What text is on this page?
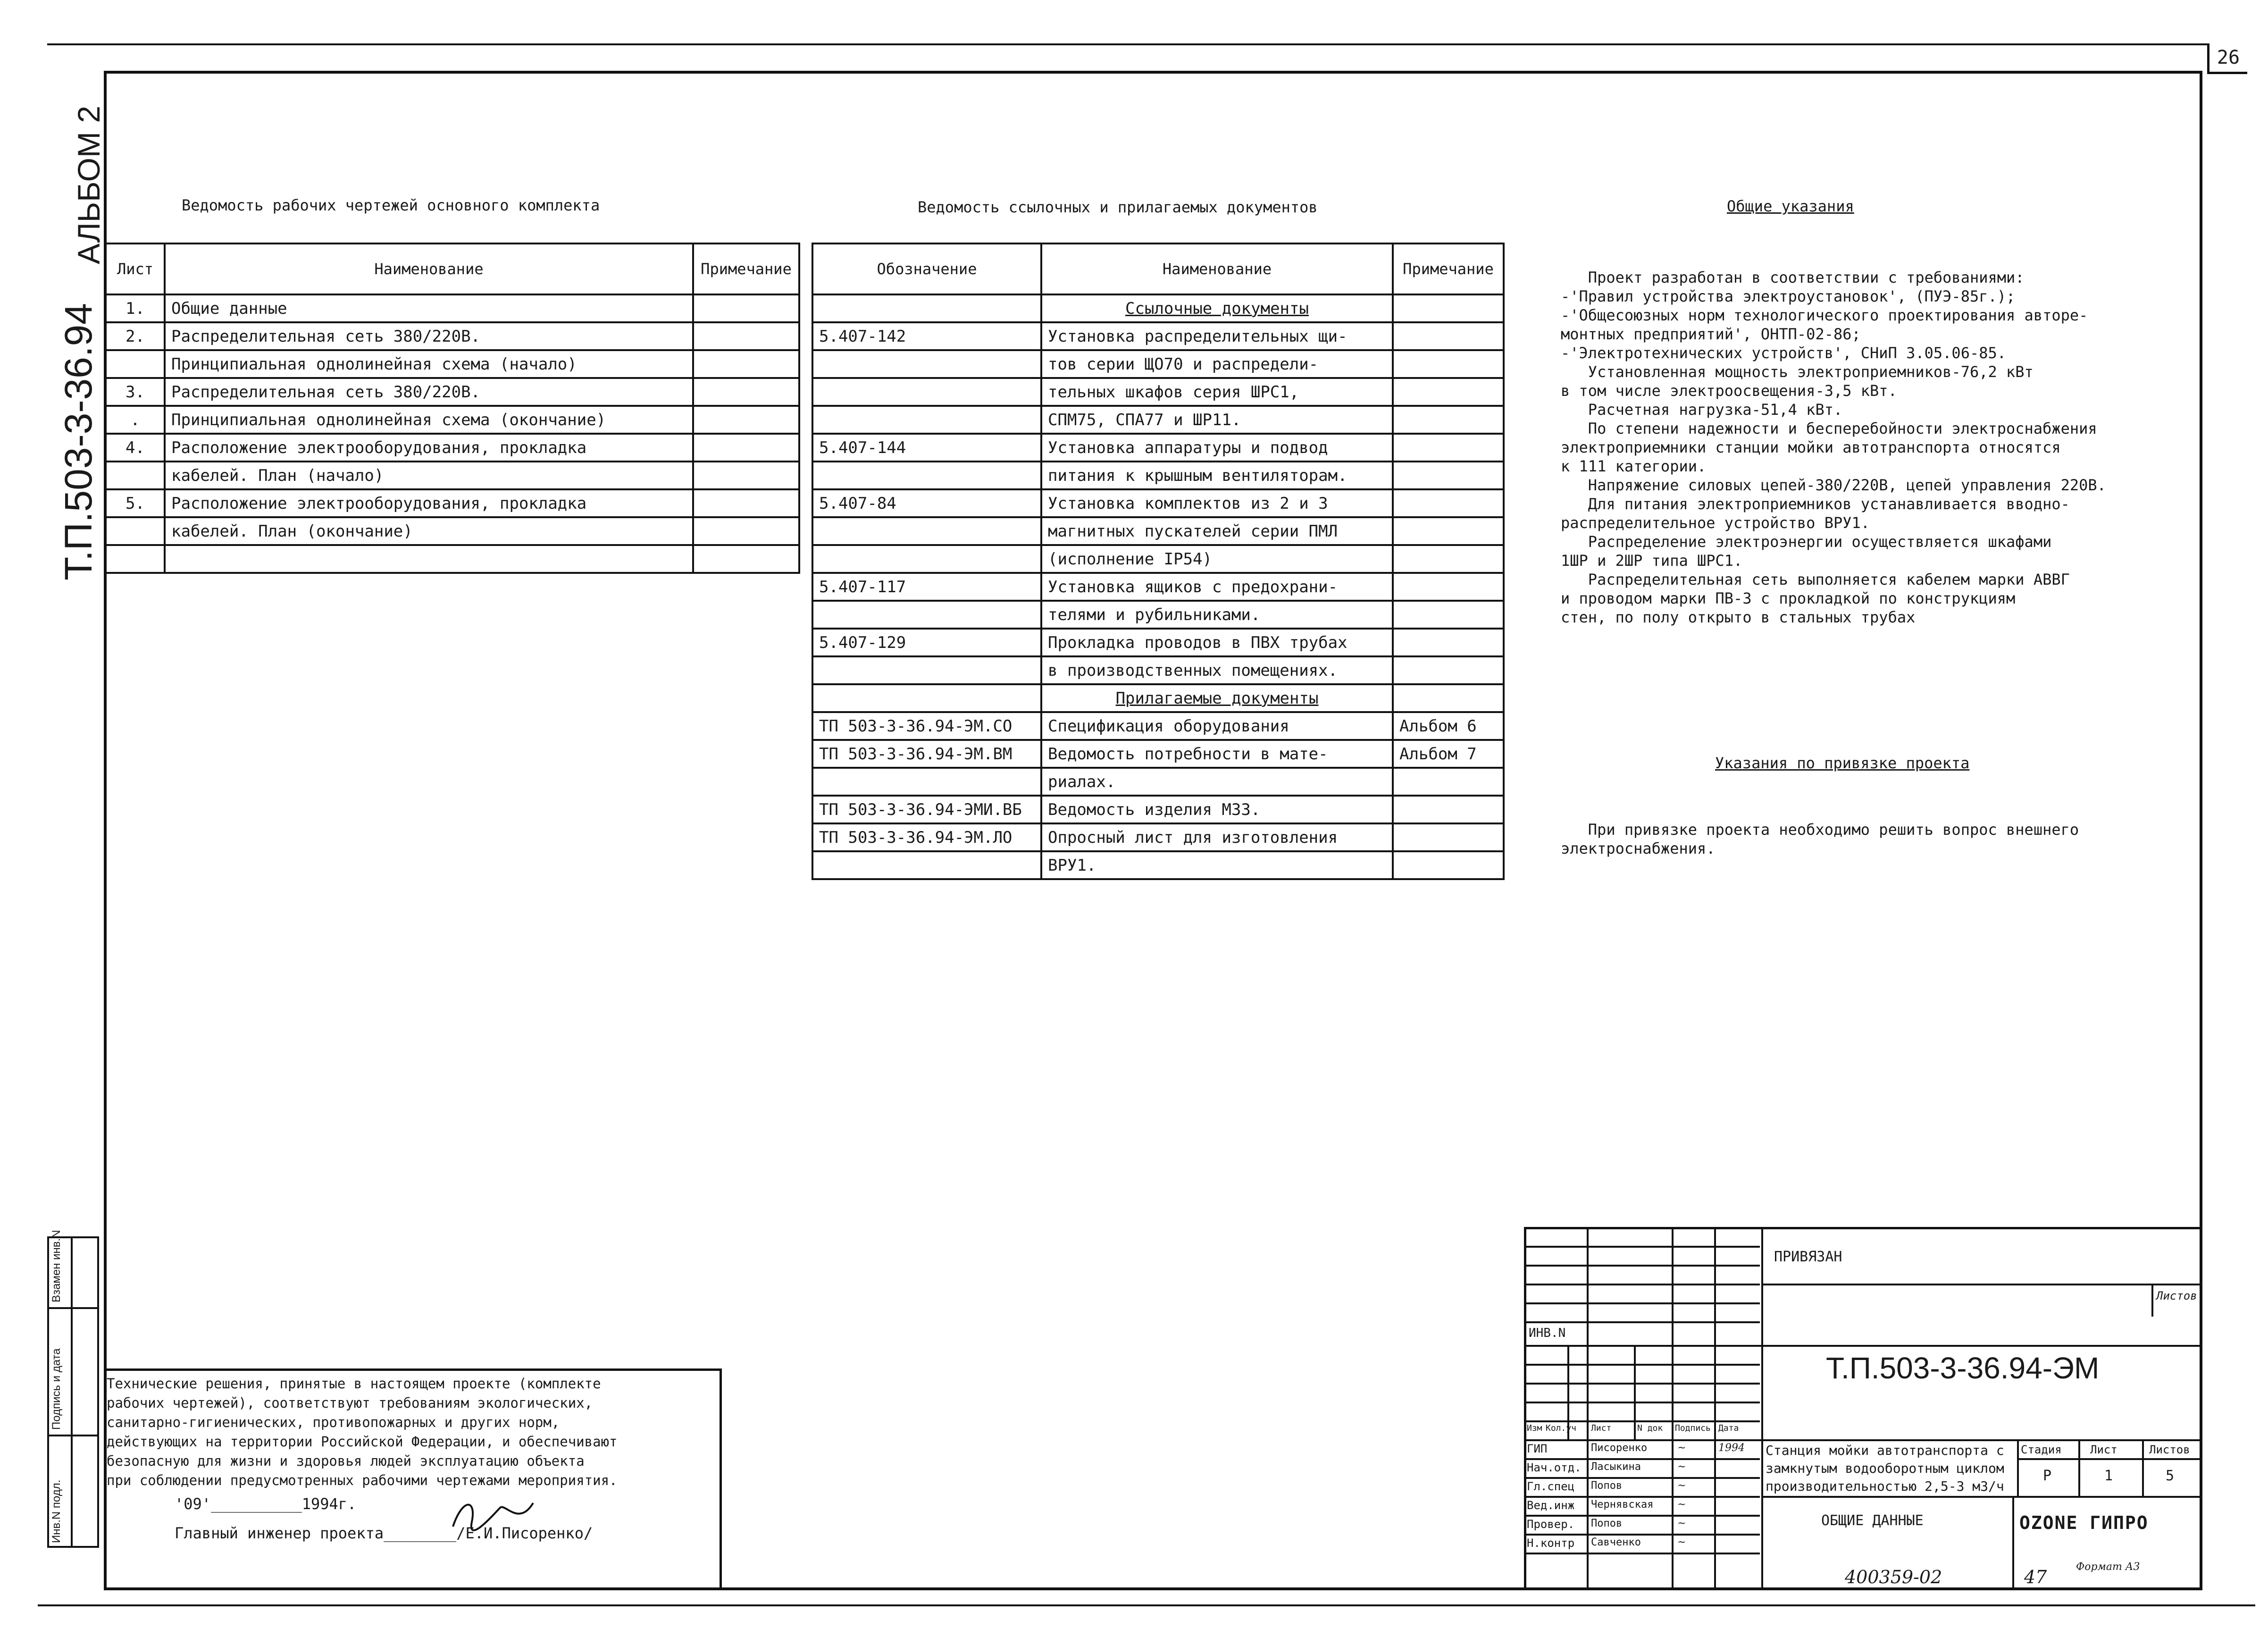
26
АЛЬБОМ 2
Т.П.503-3-36.94
Ведомость рабочих чертежей основного комплекта
Лист	Наименование	Примечание
1.	Общие данные	
2.	Распределительная сеть 380/220В.	
	Принципиальная однолинейная схема (начало)	
3.	Распределительная сеть 380/220В.	
.	Принципиальная однолинейная схема (окончание)	
4.	Расположение электрооборудования, прокладка	
	кабелей. План (начало)	
5.	Расположение электрооборудования, прокладка	
	кабелей. План (окончание)	

Ведомость ссылочных и прилагаемых документов
Обозначение	Наименование	Примечание
	Ссылочные документы	
5.407-142	Установка распределительных щи-	
	тов серии ЩО70 и распредели-	
	тельных шкафов серия ШРС1,	
	СПМ75, СПА77 и ШР11.	
5.407-144	Установка аппаратуры и подвод	
	питания к крышным вентиляторам.	
5.407-84	Установка комплектов из 2 и 3	
	магнитных пускателей серии ПМЛ	
	(исполнение IP54)	
5.407-117	Установка ящиков с предохрани-	
	телями и рубильниками.	
5.407-129	Прокладка проводов в ПВХ трубах	
	в производственных помещениях.	
	Прилагаемые документы	
ТП 503-3-36.94-ЭМ.СО	Спецификация оборудования	Альбом 6
ТП 503-3-36.94-ЭМ.ВМ	Ведомость потребности в мате-	Альбом 7
	риалах.	
ТП 503-3-36.94-ЭМИ.ВБ	Ведомость изделия МЗЗ.	
ТП 503-3-36.94-ЭМ.ЛО	Опросный лист для изготовления	
	ВРУ1.	
Общие указания
Проект разработан в соответствии с требованиями:
-'Правил устройства электроустановок', (ПУЭ-85г.);
-'Общесоюзных норм технологического проектирования авторе-
монтных предприятий', ОНТП-02-86;
-'Электротехнических устройств', СНиП 3.05.06-85.
Установленная мощность электроприемников-76,2 кВт
в том числе электроосвещения-3,5 кВт.
Расчетная нагрузка-51,4 кВт.
По степени надежности и бесперебойности электроснабжения
электроприемники станции мойки автотранспорта относятся
к 111 категории.
Напряжение силовых цепей-380/220В, цепей управления 220В.
Для питания электроприемников устанавливается вводно-
распределительное устройство ВРУ1.
Распределение электроэнергии осуществляется шкафами
1ШР и 2ШР типа ШРС1.
Распределительная сеть выполняется кабелем марки АВВГ
и проводом марки ПВ-3 с прокладкой по конструкциям
стен, по полу открыто в стальных трубах
Указания по привязке проекта
При привязке проекта необходимо решить вопрос внешнего
электроснабжения.
Технические решения, принятые в настоящем проекте (комплекте
рабочих чертежей), соответствуют требованиям экологических,
санитарно-гигиенических, противопожарных и других норм,
действующих на территории Российской Федерации, и обеспечивают
безопасную для жизни и здоровья людей эксплуатацию объекта
при соблюдении предусмотренных рабочими чертежами мероприятия.
'09'__________1994г.
Главный инженер проекта________/Е.И.Писоренко/
Инв.N подл.
Подпись и дата
Взамен инв.N	ПРИВЯЗАН
ИНВ.N
Листов
Т.П.503-3-36.94-ЭМ
Изм Кол.уч Лист	N док Подпись Дата
ГИП	Писоренко	1994
~
Нач.отд. Ласыкина	~
Гл.спец Попов	~
Вед.инж Чернявская ~
Провер. Попов	~
Н.контр Савченко	~
Станция мойки автотранспорта с замкнутым водооборотным циклом производительностью 2,5-3 м3/ч
Стадия	Лист	Листов
Р	1	5
ОБЩИЕ ДАННЫЕ	OZONE ГИПРО
400359-02	47	Формат А3
